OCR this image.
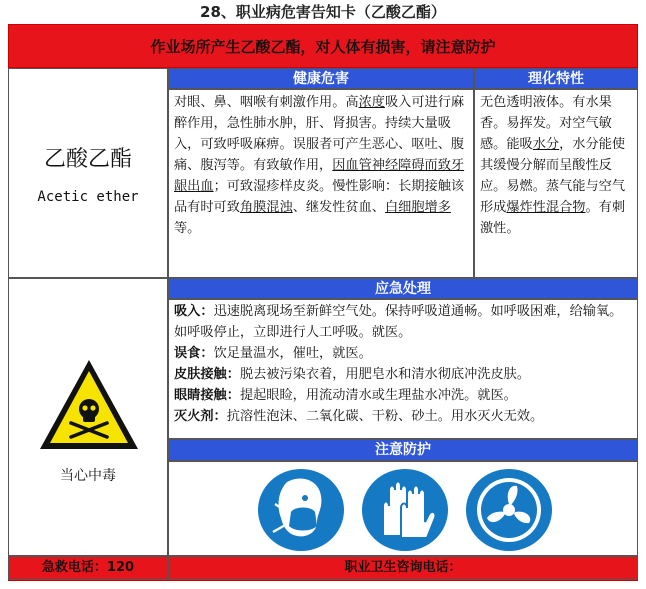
28、职业病危害告知卡（乙酸乙酯）
作业场所产生乙酸乙酯，对人体有损害，请注意防护
乙酸乙酯
Acetic ether
健康危害
对眼、鼻、咽喉有刺激作用。高浓度吸入可进行麻醉作用，急性肺水肿，肝、肾损害。持续大量吸入，可致呼吸麻痹。误服者可产生恶心、呕吐、腹痛、腹泻等。有致敏作用，因血管神经障碍而致牙龈出血；可致湿疹样皮炎。慢性影响：长期接触该品有时可致角膜混浊、继发性贫血、白细胞增多等。
理化特性
无色透明液体。有水果香。易挥发。对空气敏感。能吸水分，水分能使其缓慢分解而呈酸性反应。易燃。蒸气能与空气形成爆炸性混合物。有刺激性。
当心中毒
应急处理
吸入：迅速脱离现场至新鲜空气处。保持呼吸道通畅。如呼吸困难，给输氧。如呼吸停止，立即进行人工呼吸。就医。
误食：饮足量温水，催吐，就医。
皮肤接触：脱去被污染衣着，用肥皂水和清水彻底冲洗皮肤。
眼睛接触：提起眼睑，用流动清水或生理盐水冲洗。就医。
灭火剂：抗溶性泡沫、二氧化碳、干粉、砂土。用水灭火无效。
注意防护
急救电话：120	职业卫生咨询电话：
